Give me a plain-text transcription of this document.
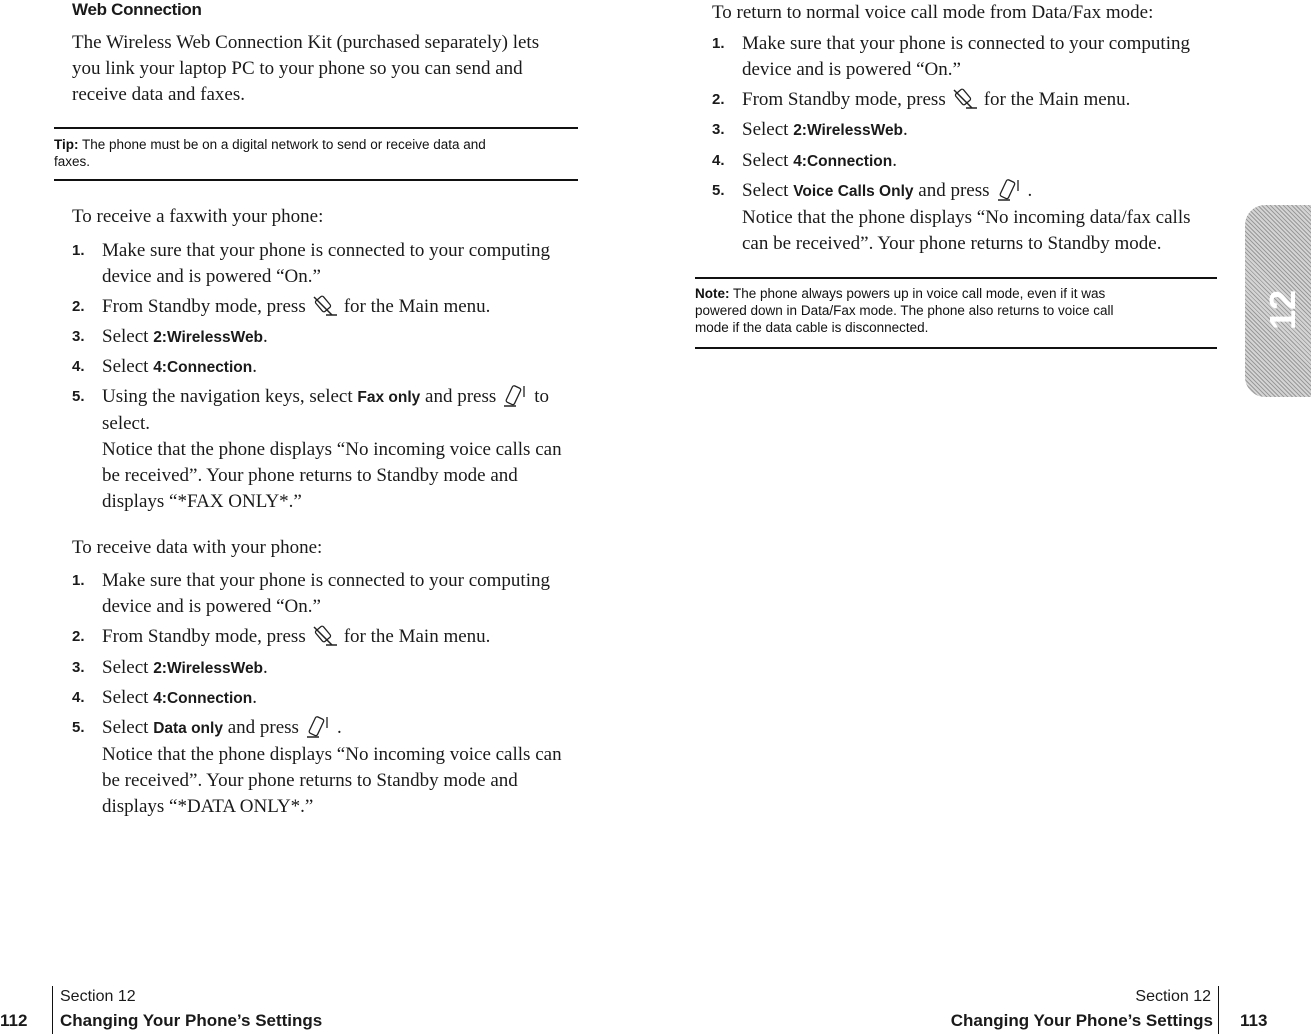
Web Connection
The Wireless Web Connection Kit (purchased separately) lets
you link your laptop PC to your phone so you can send and
receive data and faxes.
Tip: The phone must be on a digital network to send or receive data and
faxes.
To receive a faxwith your phone:
1. Make sure that your phone is connected to your computing
device and is powered “On.”
2. From Standby mode, press for the Main menu.
3. Select 2:WirelessWeb.
4. Select 4:Connection.
5. Using the navigation keys, select Fax only and press to
select.
Notice that the phone displays “No incoming voice calls can
be received”. Your phone returns to Standby mode and
displays “*FAX ONLY*.”
To receive data with your phone:
1. Make sure that your phone is connected to your computing
device and is powered “On.”
2. From Standby mode, press for the Main menu.
3. Select 2:WirelessWeb.
4. Select 4:Connection.
5. Select Data only and press .
Notice that the phone displays “No incoming voice calls can
be received”. Your phone returns to Standby mode and
displays “*DATA ONLY*.”
112
Section 12
Changing Your Phone’s Settings
To return to normal voice call mode from Data/Fax mode:
1. Make sure that your phone is connected to your computing
device and is powered “On.”
2. From Standby mode, press for the Main menu.
3. Select 2:WirelessWeb.
4. Select 4:Connection.
5. Select Voice Calls Only and press .
Notice that the phone displays “No incoming data/fax calls
can be received”. Your phone returns to Standby mode.
Note: The phone always powers up in voice call mode, even if it was
powered down in Data/Fax mode. The phone also returns to voice call
mode if the data cable is disconnected.	12
Section 12
Changing Your Phone’s Settings 113
